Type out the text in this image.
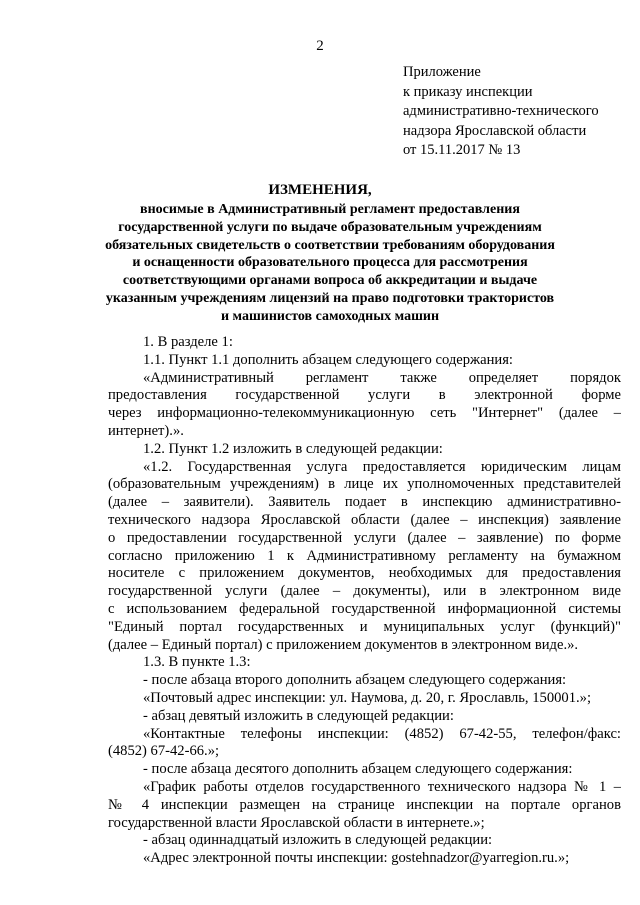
2
Приложение
к приказу инспекции
административно-технического
надзора Ярославской области
от 15.11.2017 № 13
ИЗМЕНЕНИЯ,
вносимые в Административный регламент предоставления
государственной услуги по выдаче образовательным учреждениям
обязательных свидетельств о соответствии требованиям оборудования
и оснащенности образовательного процесса для рассмотрения
соответствующими органами вопроса об аккредитации и выдаче
указанным учреждениям лицензий на право подготовки трактористов
и машинистов самоходных машин
1. В разделе 1:
1.1. Пункт 1.1 дополнить абзацем следующего содержания:
«Административный регламент также определяет порядок
предоставления государственной услуги в электронной форме
через информационно-телекоммуникационную сеть "Интернет" (далее –
интернет).».
1.2. Пункт 1.2 изложить в следующей редакции:
«1.2. Государственная услуга предоставляется юридическим лицам
(образовательным учреждениям) в лице их уполномоченных представителей
(далее – заявители). Заявитель подает в инспекцию административно-
технического надзора Ярославской области (далее – инспекция) заявление
о предоставлении государственной услуги (далее – заявление) по форме
согласно приложению 1 к Административному регламенту на бумажном
носителе с приложением документов, необходимых для предоставления
государственной услуги (далее – документы), или в электронном виде
с использованием федеральной государственной информационной системы
"Единый портал государственных и муниципальных услуг (функций)"
(далее – Единый портал) с приложением документов в электронном виде.».
1.3. В пункте 1.3:
- после абзаца второго дополнить абзацем следующего содержания:
«Почтовый адрес инспекции: ул. Наумова, д. 20, г. Ярославль, 150001.»;
- абзац девятый изложить в следующей редакции:
«Контактные телефоны инспекции: (4852) 67-42-55, телефон/факс:
(4852) 67-42-66.»;
- после абзаца десятого дополнить абзацем следующего содержания:
«График работы отделов государственного технического надзора № 1 –
№ 4 инспекции размещен на странице инспекции на портале органов
государственной власти Ярославской области в интернете.»;
- абзац одиннадцатый изложить в следующей редакции:
«Адрес электронной почты инспекции: gostehnadzor@yarregion.ru.»;
